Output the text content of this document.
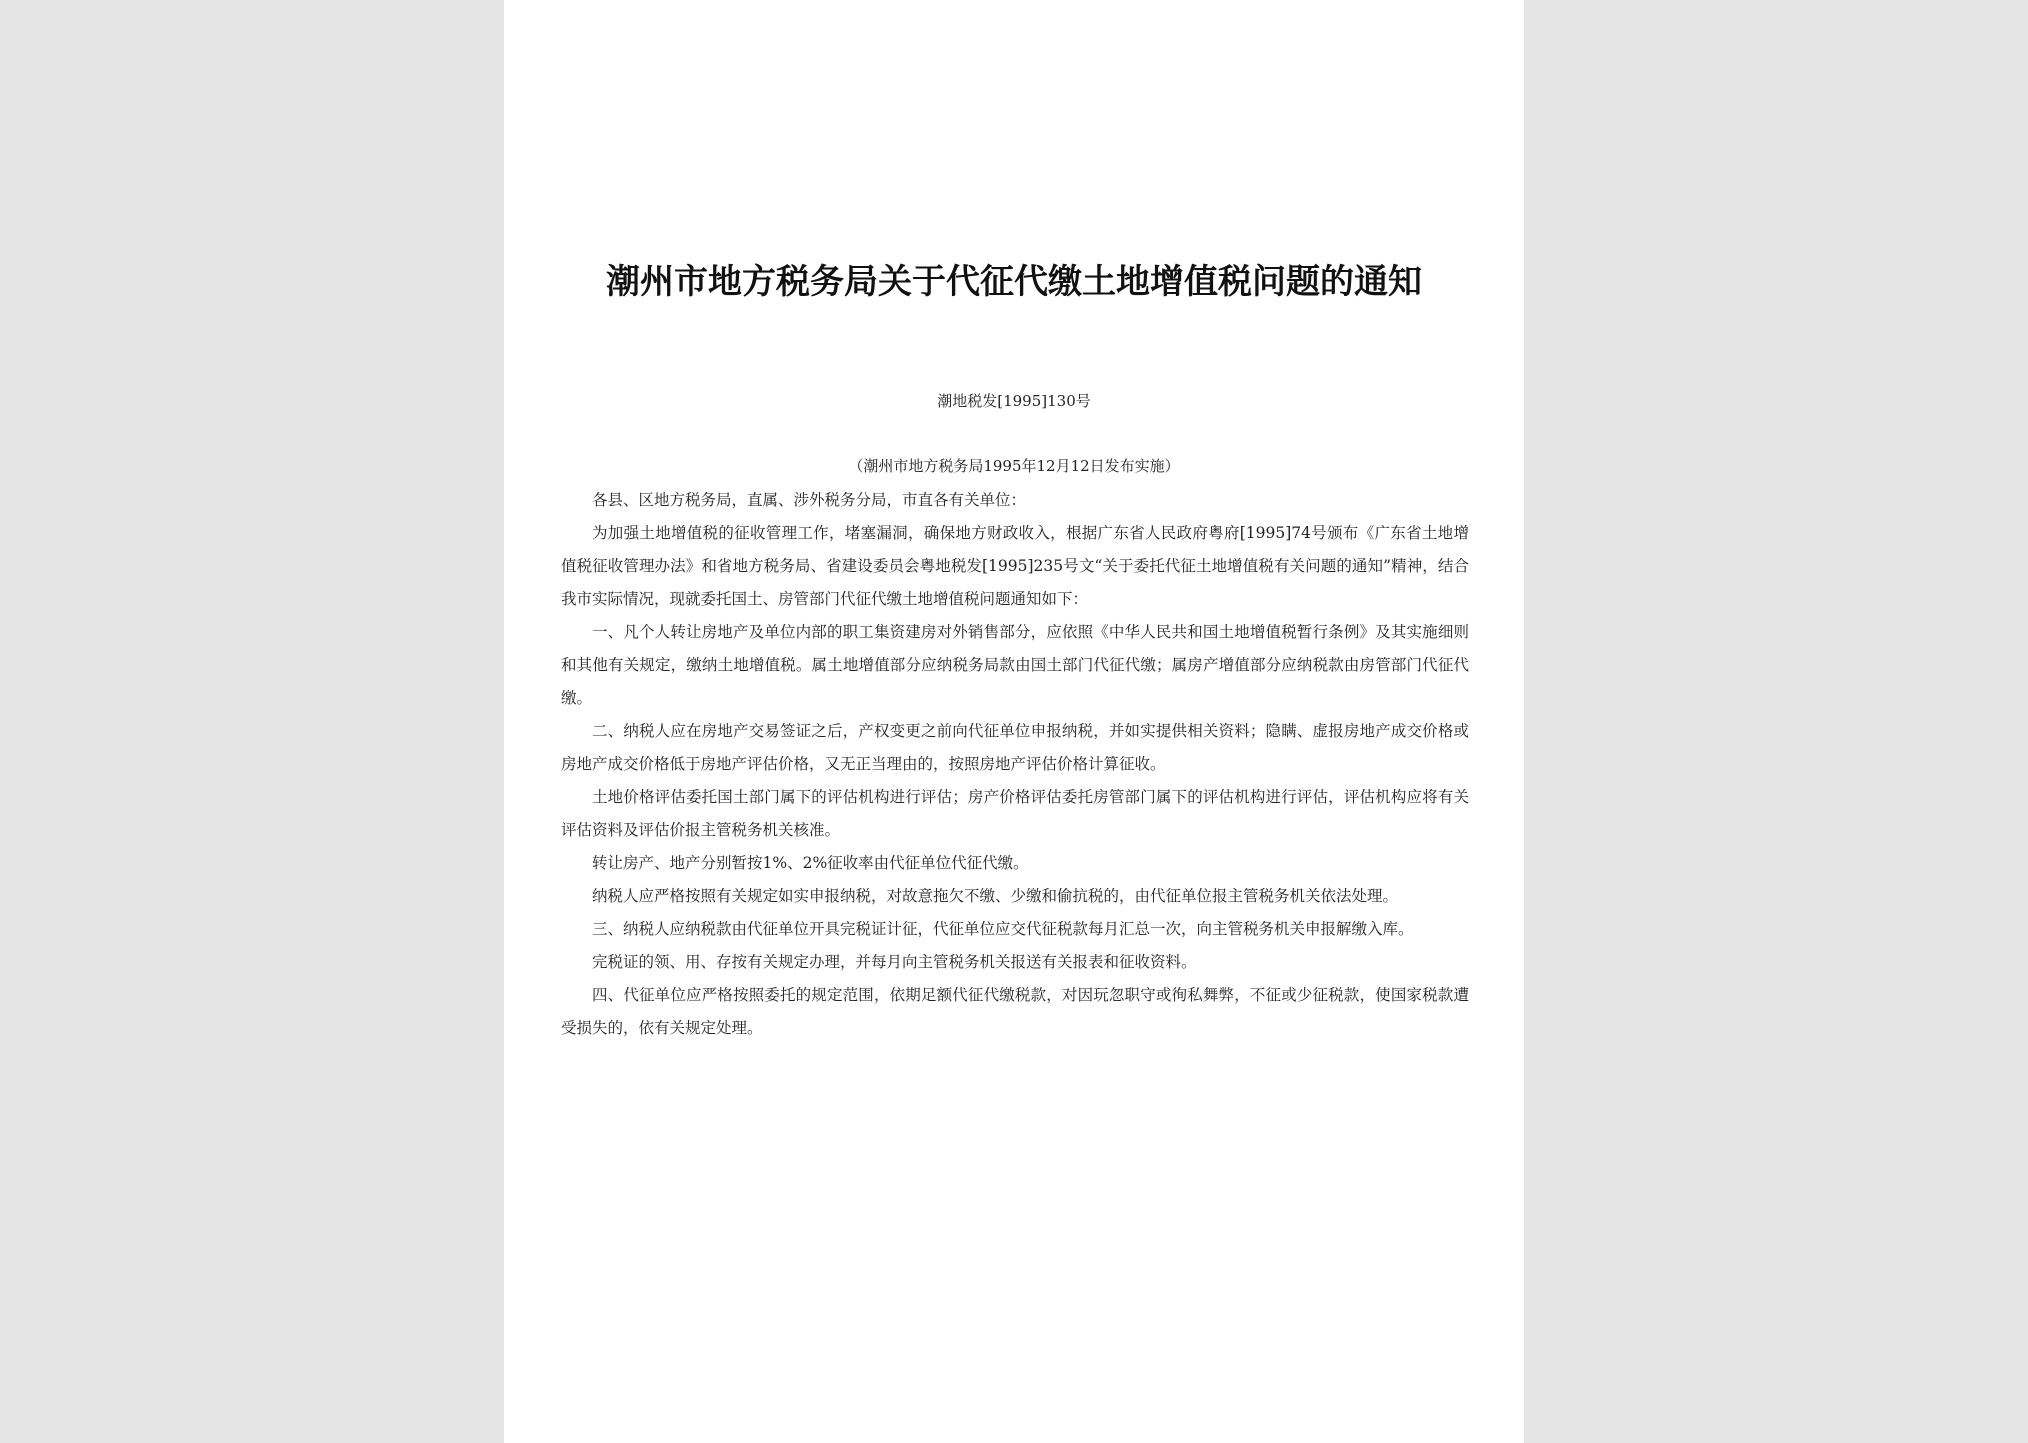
潮州市地方税务局关于代征代缴土地增值税问题的通知
潮地税发[1995]130号
（潮州市地方税务局1995年12月12日发布实施）

各县、区地方税务局，直属、涉外税务分局，市直各有关单位：

为加强土地增值税的征收管理工作，堵塞漏洞，确保地方财政收入，根据广东省人民政府粤府[1995]74号颁布《广东省土地增值税征收管理办法》和省地方税务局、省建设委员会粤地税发[1995]235号文“关于委托代征土地增值税有关问题的通知”精神，结合我市实际情况，现就委托国土、房管部门代征代缴土地增值税问题通知如下：

一、凡个人转让房地产及单位内部的职工集资建房对外销售部分，应依照《中华人民共和国土地增值税暂行条例》及其实施细则和其他有关规定，缴纳土地增值税。属土地增值部分应纳税务局款由国土部门代征代缴；属房产增值部分应纳税款由房管部门代征代缴。

二、纳税人应在房地产交易签证之后，产权变更之前向代征单位申报纳税，并如实提供相关资料；隐瞒、虚报房地产成交价格或房地产成交价格低于房地产评估价格，又无正当理由的，按照房地产评估价格计算征收。

土地价格评估委托国土部门属下的评估机构进行评估；房产价格评估委托房管部门属下的评估机构进行评估，评估机构应将有关评估资料及评估价报主管税务机关核准。

转让房产、地产分别暂按1%、2%征收率由代征单位代征代缴。

纳税人应严格按照有关规定如实申报纳税，对故意拖欠不缴、少缴和偷抗税的，由代征单位报主管税务机关依法处理。

三、纳税人应纳税款由代征单位开具完税证计征，代征单位应交代征税款每月汇总一次，向主管税务机关申报解缴入库。

完税证的领、用、存按有关规定办理，并每月向主管税务机关报送有关报表和征收资料。

四、代征单位应严格按照委托的规定范围，依期足额代征代缴税款，对因玩忽职守或徇私舞弊，不征或少征税款，使国家税款遭受损失的，依有关规定处理。
